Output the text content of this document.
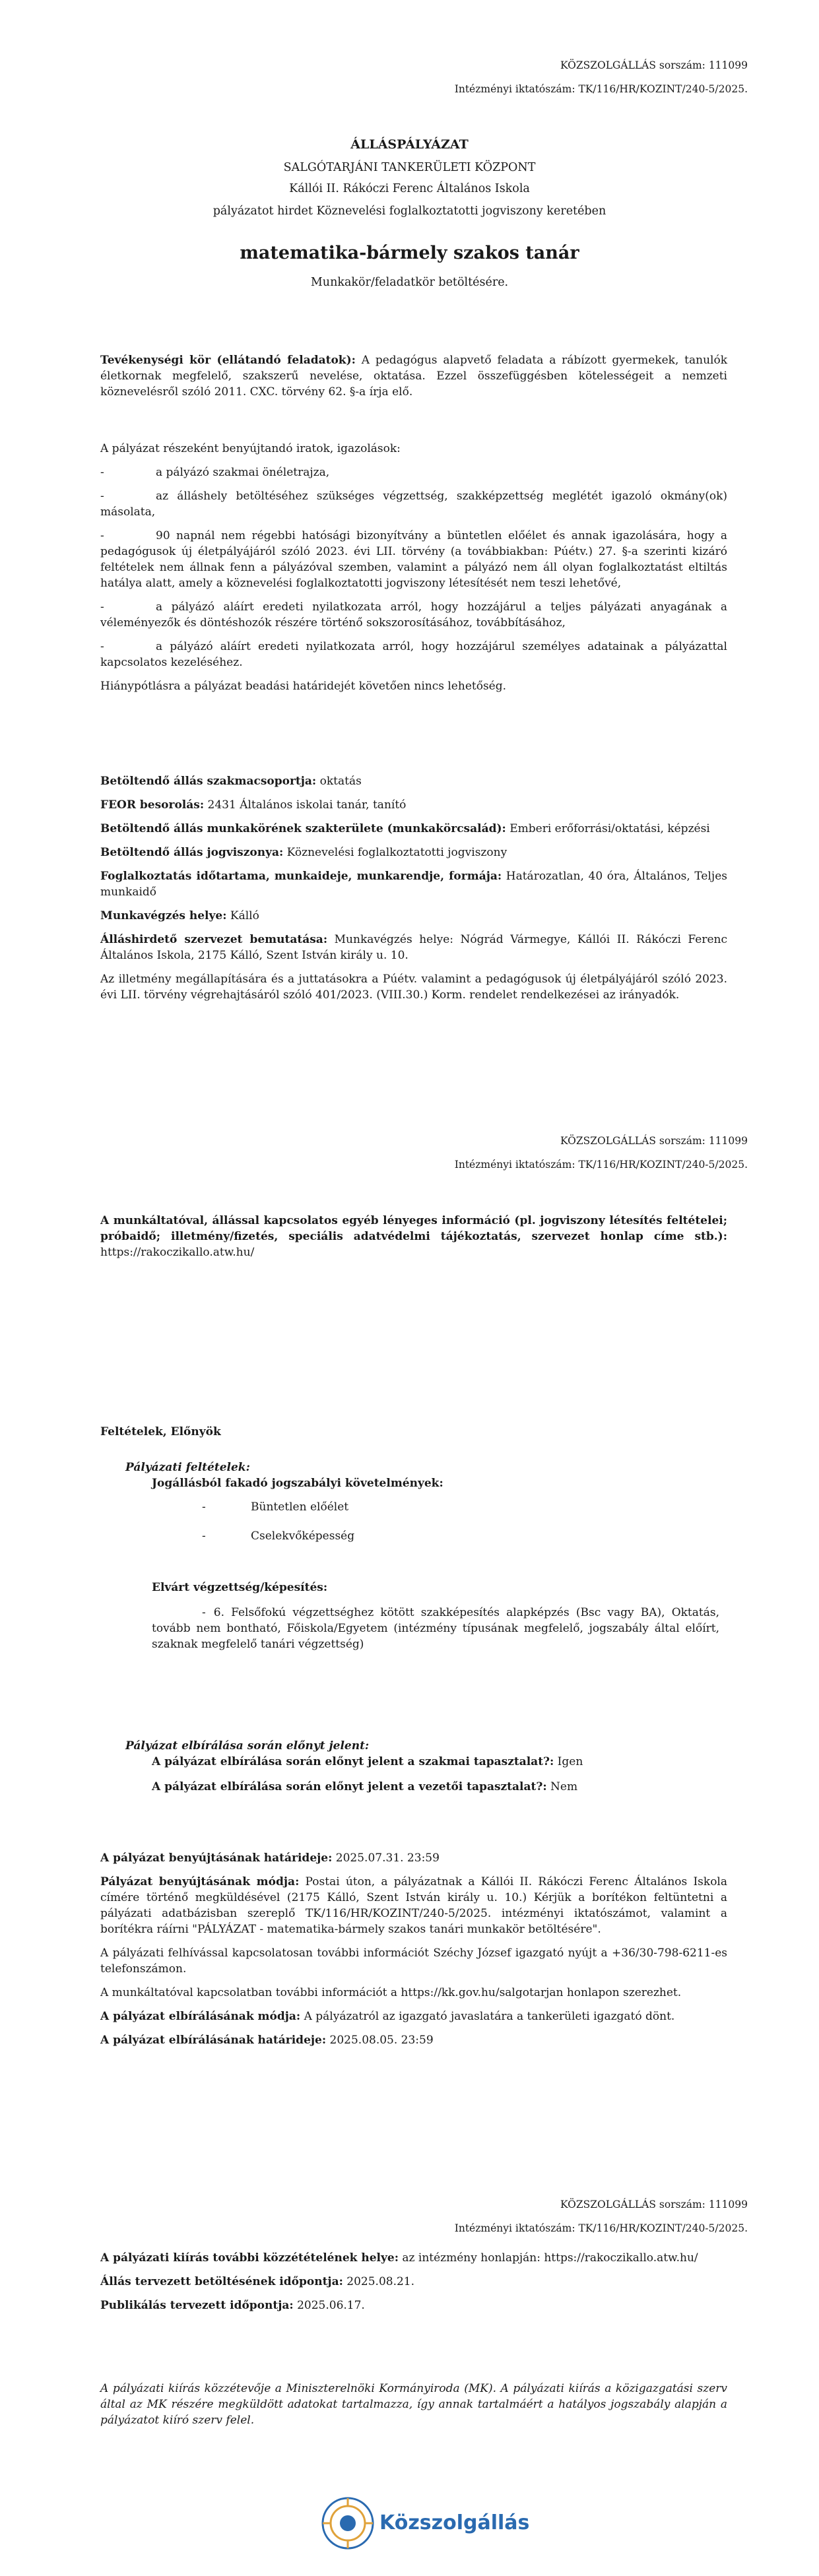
KÖZSZOLGÁLLÁS sorszám: 111099
Intézményi iktatószám: TK/116/HR/KOZINT/240-5/2025.
ÁLLÁSPÁLYÁZAT
SALGÓTARJÁNI TANKERÜLETI KÖZPONT
Kállói II. Rákóczi Ferenc Általános Iskola
pályázatot hirdet Köznevelési foglalkoztatotti jogviszony keretében
matematika-bármely szakos tanár
Munkakör/feladatkör betöltésére.
Tevékenységi kör (ellátandó feladatok): A pedagógus alapvető feladata a rábízott gyermekek, tanulók életkornak megfelelő, szakszerű nevelése, oktatása. Ezzel összefüggésben kötelességeit a nemzeti köznevelésről szóló 2011. CXC. törvény 62. §-a írja elő.

A pályázat részeként benyújtandó iratok, igazolások:

-	a pályázó szakmai önéletrajza,

-	az álláshely betöltéséhez szükséges végzettség, szakképzettség meglétét igazoló okmány(ok) másolata,

-	90 napnál nem régebbi hatósági bizonyítvány a büntetlen előélet és annak igazolására, hogy a pedagógusok új életpályájáról szóló 2023. évi LII. törvény (a továbbiakban: Púétv.) 27. §-a szerinti kizáró feltételek nem állnak fenn a pályázóval szemben, valamint a pályázó nem áll olyan foglalkoztatást eltiltás hatálya alatt, amely a köznevelési foglalkoztatotti jogviszony létesítését nem teszi lehetővé,

-	a pályázó aláírt eredeti nyilatkozata arról, hogy hozzájárul a teljes pályázati anyagának a véleményezők és döntéshozók részére történő sokszorosításához, továbbításához,

-	a pályázó aláírt eredeti nyilatkozata arról, hogy hozzájárul személyes adatainak a pályázattal kapcsolatos kezeléséhez.

Hiánypótlásra a pályázat beadási határidejét követően nincs lehetőség.

Betöltendő állás szakmacsoportja: oktatás

FEOR besorolás: 2431 Általános iskolai tanár, tanító

Betöltendő állás munkakörének szakterülete (munkakörcsalád): Emberi erőforrási/oktatási, képzési

Betöltendő állás jogviszonya: Köznevelési foglalkoztatotti jogviszony

Foglalkoztatás időtartama, munkaideje, munkarendje, formája: Határozatlan, 40 óra, Általános, Teljes munkaidő

Munkavégzés helye: Kálló

Álláshirdető szervezet bemutatása: Munkavégzés helye: Nógrád Vármegye, Kállói II. Rákóczi Ferenc Általános Iskola, 2175 Kálló, Szent István király u. 10.

Az illetmény megállapítására és a juttatásokra a Púétv. valamint a pedagógusok új életpályájáról szóló 2023. évi LII. törvény végrehajtásáról szóló 401/2023. (VIII.30.) Korm. rendelet rendelkezései az irányadók.

KÖZSZOLGÁLLÁS sorszám: 111099
Intézményi iktatószám: TK/116/HR/KOZINT/240-5/2025.
A munkáltatóval, állással kapcsolatos egyéb lényeges információ (pl. jogviszony létesítés feltételei; próbaidő; illetmény/fizetés, speciális adatvédelmi tájékoztatás, szervezet honlap címe stb.): https://rakoczikallo.atw.hu/
Feltételek, Előnyök
Pályázati feltételek:
Jogállásból fakadó jogszabályi követelmények:
-	Büntetlen előélet
-	Cselekvőképesség
Elvárt végzettség/képesítés:
- 6. Felsőfokú végzettséghez kötött szakképesítés alapképzés (Bsc vagy BA), Oktatás, tovább nem bontható, Főiskola/Egyetem (intézmény típusának megfelelő, jogszabály által előírt, szaknak megfelelő tanári végzettség)
Pályázat elbírálása során előnyt jelent:
A pályázat elbírálása során előnyt jelent a szakmai tapasztalat?: Igen
A pályázat elbírálása során előnyt jelent a vezetői tapasztalat?: Nem

A pályázat benyújtásának határideje: 2025.07.31. 23:59

Pályázat benyújtásának módja: Postai úton, a pályázatnak a Kállói II. Rákóczi Ferenc Általános Iskola címére történő megküldésével (2175 Kálló, Szent István király u. 10.) Kérjük a borítékon feltüntetni a pályázati adatbázisban szereplő TK/116/HR/KOZINT/240-5/2025. intézményi iktatószámot, valamint a borítékra ráírni "PÁLYÁZAT - matematika-bármely szakos tanári munkakör betöltésére".

A pályázati felhívással kapcsolatosan további információt Széchy József igazgató nyújt a +36/30-798-6211-es telefonszámon.

A munkáltatóval kapcsolatban további információt a https://kk.gov.hu/salgotarjan honlapon szerezhet.

A pályázat elbírálásának módja: A pályázatról az igazgató javaslatára a tankerületi igazgató dönt.

A pályázat elbírálásának határideje: 2025.08.05. 23:59

KÖZSZOLGÁLLÁS sorszám: 111099
Intézményi iktatószám: TK/116/HR/KOZINT/240-5/2025.

A pályázati kiírás további közzétételének helye: az intézmény honlapján: https://rakoczikallo.atw.hu/

Állás tervezett betöltésének időpontja: 2025.08.21.

Publikálás tervezett időpontja: 2025.06.17.

A pályázati kiírás közzétevője a Miniszterelnöki Kormányiroda (MK). A pályázati kiírás a közigazgatási szerv által az MK részére megküldött adatokat tartalmazza, így annak tartalmáért a hatályos jogszabály alapján a pályázatot kiíró szerv felel.
Közszolgállás
